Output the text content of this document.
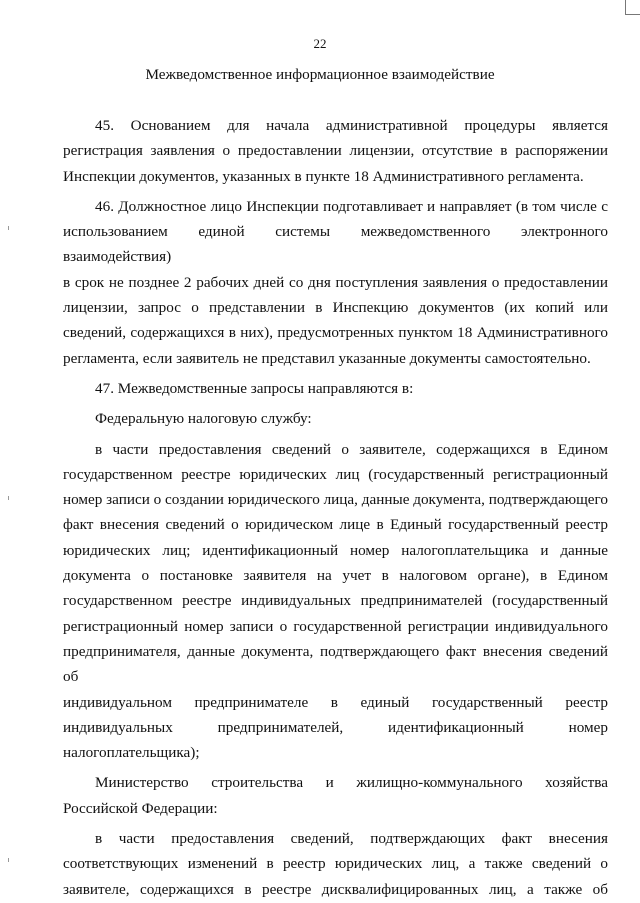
22
Межведомственное информационное взаимодействие
45. Основанием для начала административной процедуры является
регистрация заявления о предоставлении лицензии, отсутствие в распоряжении
Инспекции документов, указанных в пункте 18 Административного регламента.
46. Должностное лицо Инспекции подготавливает и направляет (в том числе с
использованием единой системы межведомственного электронного взаимодействия)
в срок не позднее 2 рабочих дней со дня поступления заявления о предоставлении
лицензии, запрос о представлении в Инспекцию документов (их копий или
сведений, содержащихся в них), предусмотренных пунктом 18 Административного
регламента, если заявитель не представил указанные документы самостоятельно.
47. Межведомственные запросы направляются в:
Федеральную налоговую службу:
в части предоставления сведений о заявителе, содержащихся в Едином
государственном реестре юридических лиц (государственный регистрационный
номер записи о создании юридического лица, данные документа, подтверждающего
факт внесения сведений о юридическом лице в Единый государственный реестр
юридических лиц; идентификационный номер налогоплательщика и данные
документа о постановке заявителя на учет в налоговом органе), в Едином
государственном реестре индивидуальных предпринимателей (государственный
регистрационный номер записи о государственной регистрации индивидуального
предпринимателя, данные документа, подтверждающего факт внесения сведений об
индивидуальном предпринимателе в единый государственный реестр
индивидуальных предпринимателей, идентификационный номер
налогоплательщика);
Министерство строительства и жилищно-коммунального хозяйства
Российской Федерации:
в части предоставления сведений, подтверждающих факт внесения
соответствующих изменений в реестр юридических лиц, а также сведений о
заявителе, содержащихся в реестре дисквалифицированных лиц, а также об
